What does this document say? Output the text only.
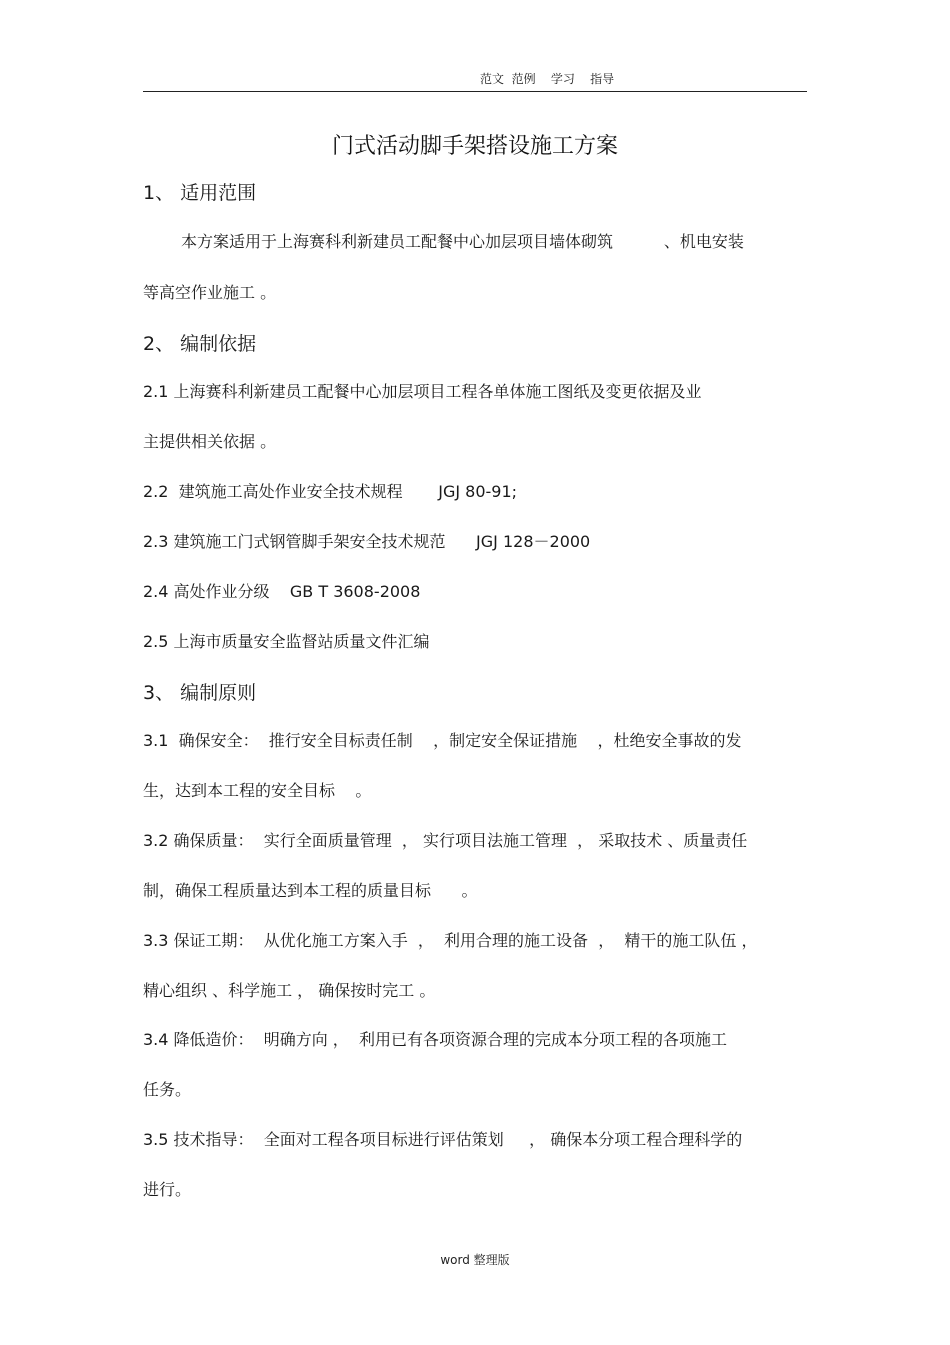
范文  范例    学习    指导
门式活动脚手架搭设施工方案
1、 适用范围
本方案适用于上海赛科利新建员工配餐中心加层项目墙体砌筑          、机电安装
等高空作业施工 。
2、 编制依据
2.1 上海赛科利新建员工配餐中心加层项目工程各单体施工图纸及变更依据及业
主提供相关依据 。
2.2  建筑施工高处作业安全技术规程       JGJ 80-91;
2.3 建筑施工门式钢管脚手架安全技术规范      JGJ 128－2000
2.4 高处作业分级    GB T 3608-2008
2.5 上海市质量安全监督站质量文件汇编
3、 编制原则
3.1  确保安全：  推行安全目标责任制    ，制定安全保证措施    ，杜绝安全事故的发
生，达到本工程的安全目标    。
3.2 确保质量：  实行全面质量管理  ， 实行项目法施工管理  ， 采取技术 、质量责任
制，确保工程质量达到本工程的质量目标      。
3.3 保证工期：  从优化施工方案入手  ，  利用合理的施工设备  ，  精干的施工队伍 ，
精心组织 、科学施工 ， 确保按时完工 。
3.4 降低造价：  明确方向 ，  利用已有各项资源合理的完成本分项工程的各项施工
任务。
3.5 技术指导：  全面对工程各项目标进行评估策划     ， 确保本分项工程合理科学的
进行。
word 整理版
